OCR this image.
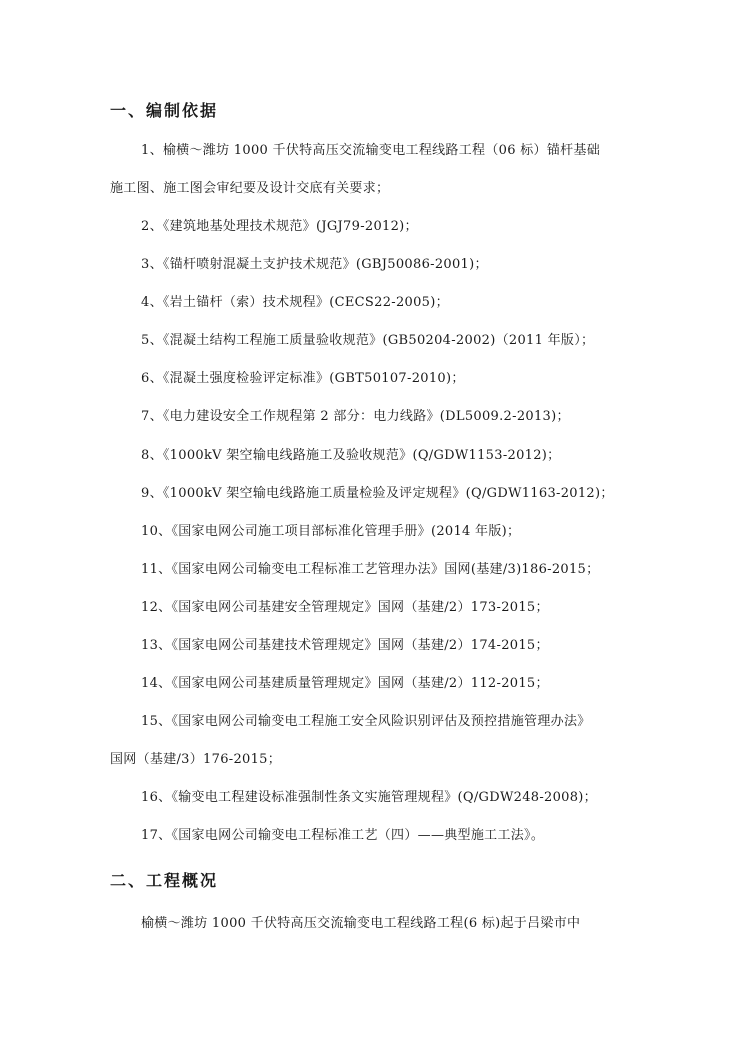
一、编制依据
1、榆横～潍坊 1000 千伏特高压交流输变电工程线路工程（06 标）锚杆基础
施工图、施工图会审纪要及设计交底有关要求；
2、《建筑地基处理技术规范》(JGJ79-2012)；
3、《锚杆喷射混凝土支护技术规范》(GBJ50086-2001)；
4、《岩土锚杆（索）技术规程》(CECS22-2005)；
5、《混凝土结构工程施工质量验收规范》(GB50204-2002)（2011 年版）；
6、《混凝土强度检验评定标准》(GBT50107-2010)；
7、《电力建设安全工作规程第 2 部分：电力线路》(DL5009.2-2013)；
8、《1000kV 架空输电线路施工及验收规范》(Q/GDW1153-2012)；
9、《1000kV 架空输电线路施工质量检验及评定规程》(Q/GDW1163-2012)；
10、《国家电网公司施工项目部标准化管理手册》(2014 年版)；
11、《国家电网公司输变电工程标准工艺管理办法》国网(基建/3)186-2015；
12、《国家电网公司基建安全管理规定》国网（基建/2）173-2015；
13、《国家电网公司基建技术管理规定》国网（基建/2）174-2015；
14、《国家电网公司基建质量管理规定》国网（基建/2）112-2015；
15、《国家电网公司输变电工程施工安全风险识别评估及预控措施管理办法》
国网（基建/3）176-2015；
16、《输变电工程建设标准强制性条文实施管理规程》(Q/GDW248-2008)；
17、《国家电网公司输变电工程标准工艺（四）——典型施工工法》。
二、工程概况
榆横～潍坊 1000 千伏特高压交流输变电工程线路工程(6 标)起于吕梁市中
